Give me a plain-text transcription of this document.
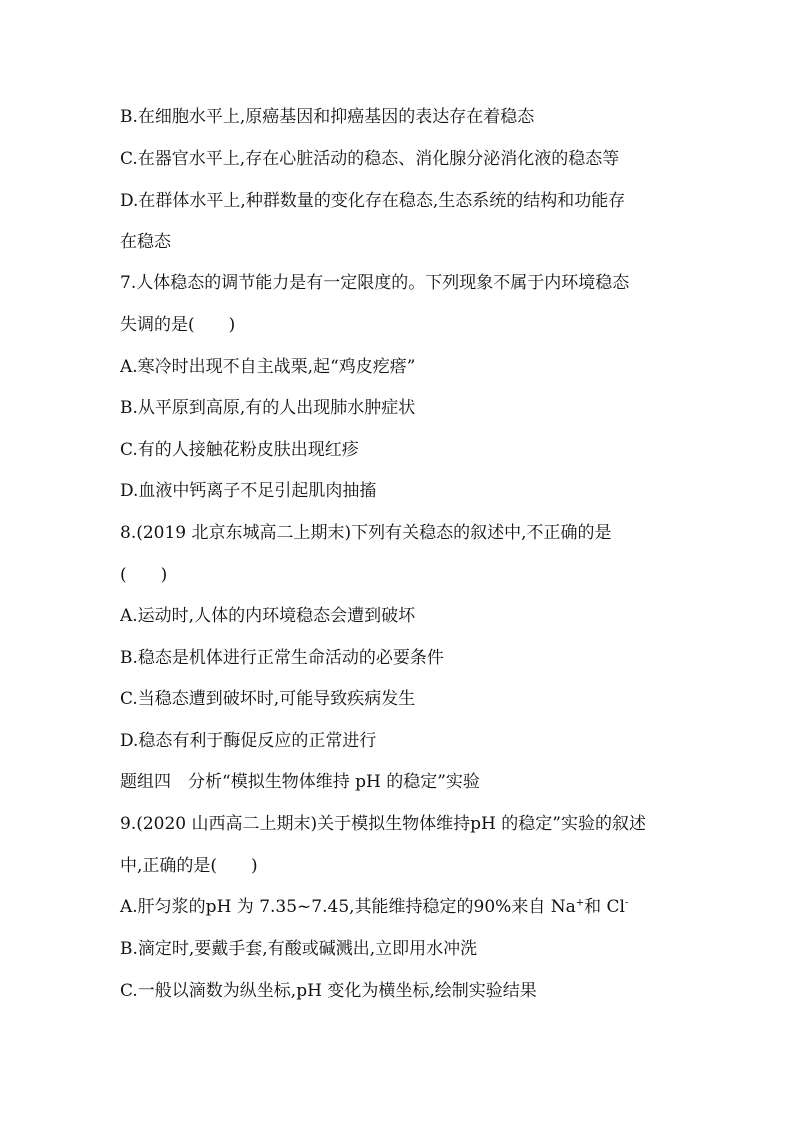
B.在细胞水平上,原癌基因和抑癌基因的表达存在着稳态
C.在器官水平上,存在心脏活动的稳态、消化腺分泌消化液的稳态等
D.在群体水平上,种群数量的变化存在稳态,生态系统的结构和功能存
在稳态
7.人体稳态的调节能力是有一定限度的。下列现象不属于内环境稳态
失调的是(　　)
A.寒冷时出现不自主战栗,起“鸡皮疙瘩”
B.从平原到高原,有的人出现肺水肿症状
C.有的人接触花粉皮肤出现红疹
D.血液中钙离子不足引起肌肉抽搐
8.(2019 北京东城高二上期末)下列有关稳态的叙述中,不正确的是
(　　)
A.运动时,人体的内环境稳态会遭到破坏
B.稳态是机体进行正常生命活动的必要条件
C.当稳态遭到破坏时,可能导致疾病发生
D.稳态有利于酶促反应的正常进行
题组四　分析“模拟生物体维持 pH 的稳定”实验
9.(2020 山西高二上期末)关于模拟生物体维持pH 的稳定”实验的叙述
中,正确的是(　　)
A.肝匀浆的pH 为 7.35~7.45,其能维持稳定的90%来自 Na+和 Cl-
B.滴定时,要戴手套,有酸或碱溅出,立即用水冲洗
C.一般以滴数为纵坐标,pH 变化为横坐标,绘制实验结果
